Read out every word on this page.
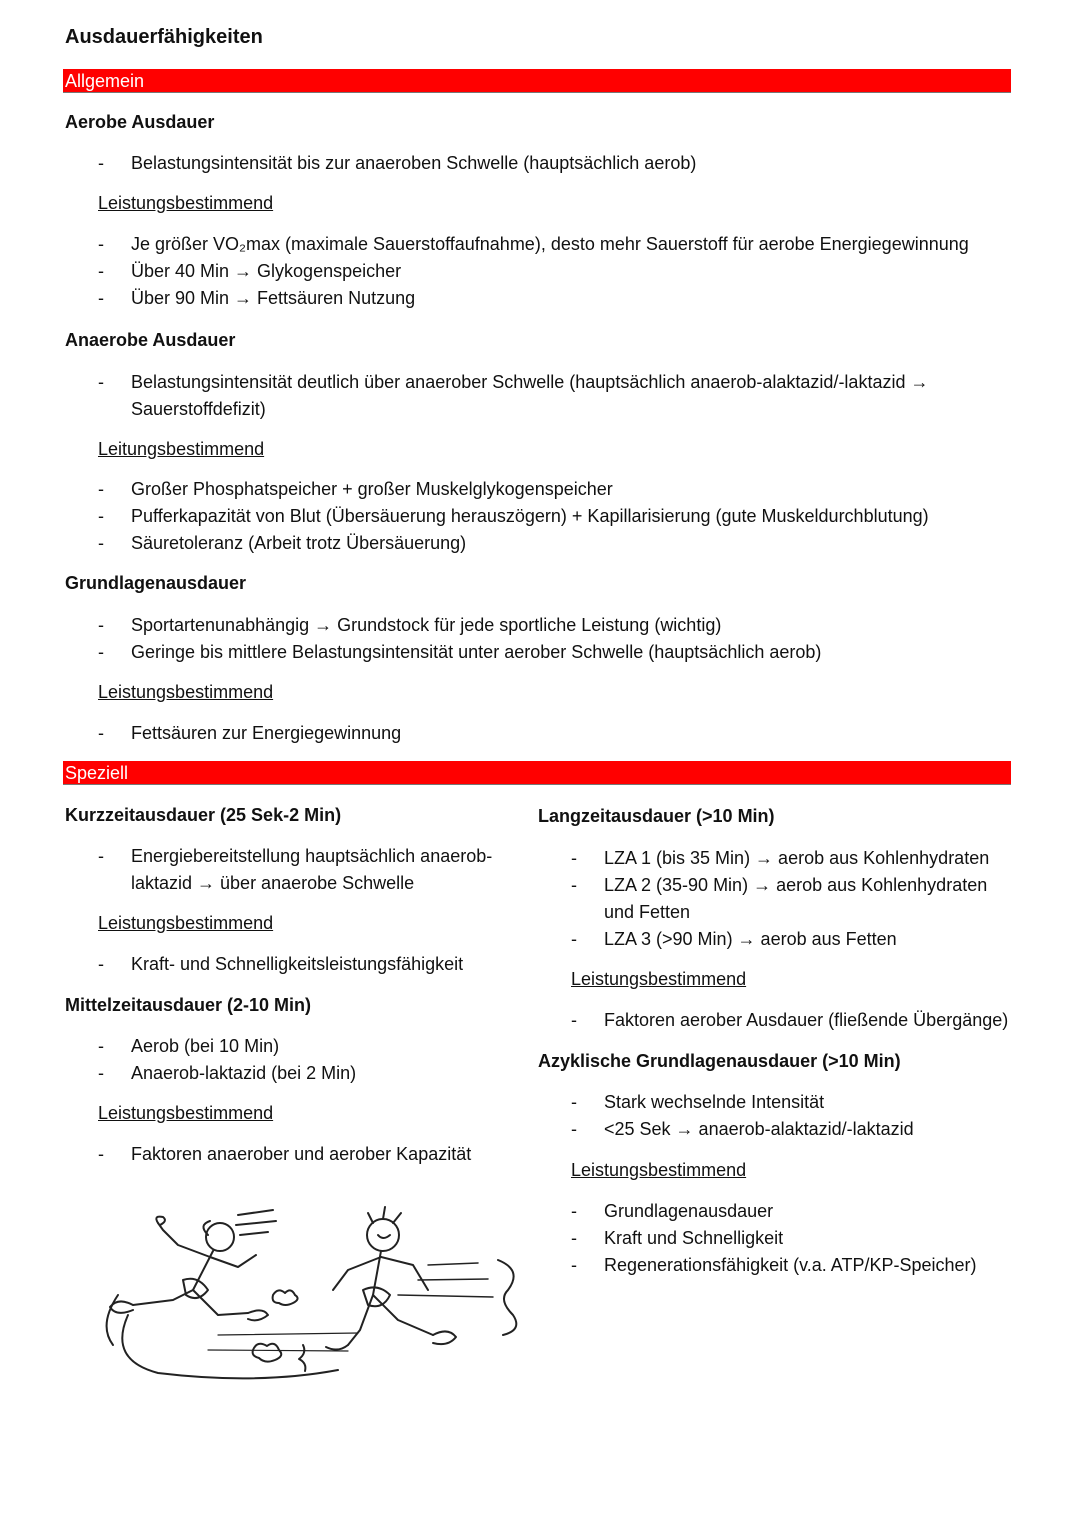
Ausdauerfähigkeiten
Allgemein
Aerobe Ausdauer
- Belastungsintensität bis zur anaeroben Schwelle (hauptsächlich aerob)
Leistungsbestimmend
- Je größer VO₂max (maximale Sauerstoffaufnahme), desto mehr Sauerstoff für aerobe Energiegewinnung
- Über 40 Min → Glykogenspeicher
- Über 90 Min → Fettsäuren Nutzung
Anaerobe Ausdauer
- Belastungsintensität deutlich über anaerober Schwelle (hauptsächlich anaerob-alaktazid/-laktazid → Sauerstoffdefizit)
Leitungsbestimmend
- Großer Phosphatspeicher + großer Muskelglykogenspeicher
- Pufferkapazität von Blut (Übersäuerung herauszögern) + Kapillarisierung (gute Muskeldurchblutung)
- Säuretoleranz (Arbeit trotz Übersäuerung)
Grundlagenausdauer
- Sportartenunabhängig → Grundstock für jede sportliche Leistung (wichtig)
- Geringe bis mittlere Belastungsintensität unter aerober Schwelle (hauptsächlich aerob)
Leistungsbestimmend
- Fettsäuren zur Energiegewinnung
Speziell
Kurzzeitausdauer (25 Sek-2 Min)
- Energiebereitstellung hauptsächlich anaerob-laktazid → über anaerobe Schwelle
Leistungsbestimmend
- Kraft- und Schnelligkeitsleistungsfähigkeit
Mittelzeitausdauer (2-10 Min)
- Aerob (bei 10 Min)
- Anaerob-laktazid (bei 2 Min)
Leistungsbestimmend
- Faktoren anaerober und aerober Kapazität
Langzeitausdauer (>10 Min)
- LZA 1 (bis 35 Min) → aerob aus Kohlenhydraten
- LZA 2 (35-90 Min) → aerob aus Kohlenhydraten und Fetten
- LZA 3 (>90 Min) → aerob aus Fetten
Leistungsbestimmend
- Faktoren aerober Ausdauer (fließende Übergänge)
Azyklische Grundlagenausdauer (>10 Min)
- Stark wechselnde Intensität
- <25 Sek → anaerob-alaktazid/-laktazid
Leistungsbestimmend
- Grundlagenausdauer
- Kraft und Schnelligkeit
- Regenerationsfähigkeit (v.a. ATP/KP-Speicher)
